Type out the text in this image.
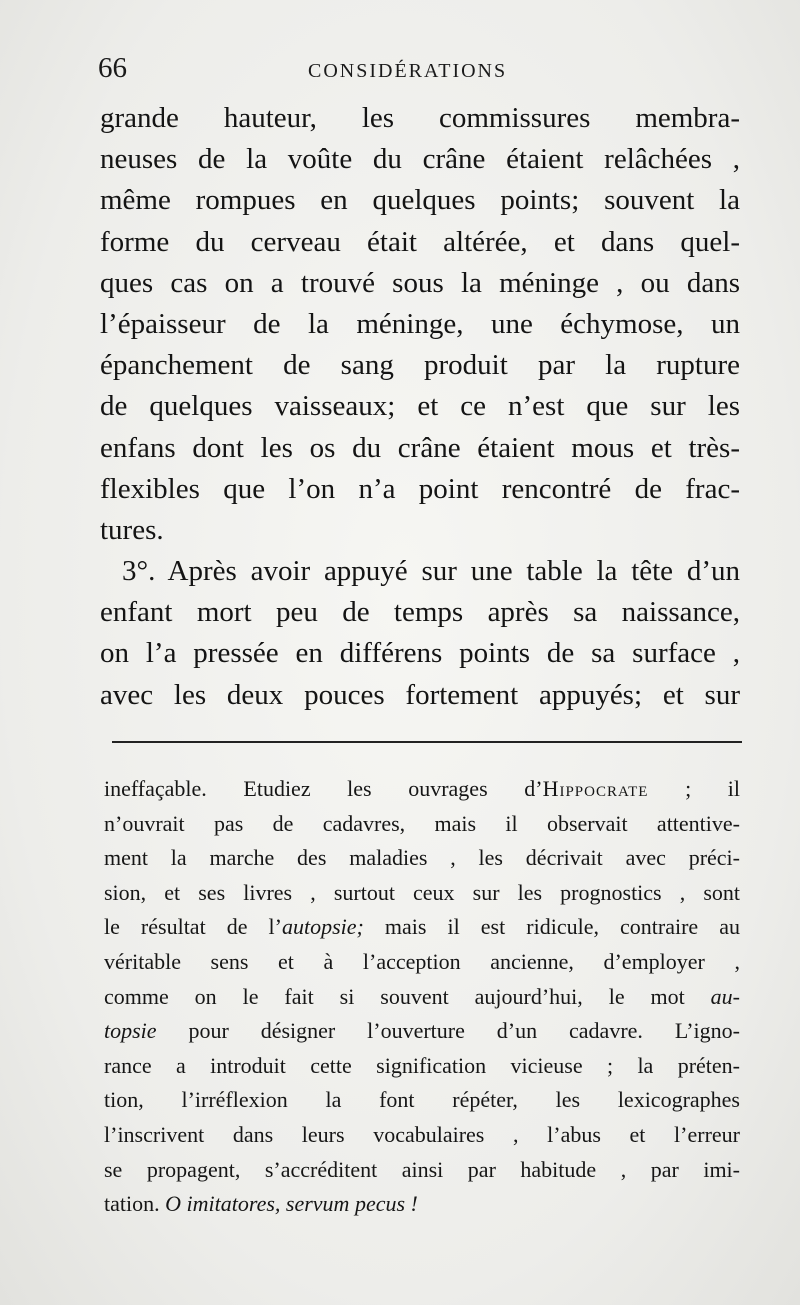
66	CONSIDÉRATIONS
grande hauteur, les commissures membra-
neuses de la voûte du crâne étaient relâchées ,
même rompues en quelques points; souvent la
forme du cerveau était altérée, et dans quel-
ques cas on a trouvé sous la méninge , ou dans
l’épaisseur de la méninge, une échymose, un
épanchement de sang produit par la rupture
de quelques vaisseaux; et ce n’est que sur les
enfans dont les os du crâne étaient mous et très-
flexibles que l’on n’a point rencontré de frac-
tures.
3°. Après avoir appuyé sur une table la tête d’un
enfant mort peu de temps après sa naissance,
on l’a pressée en différens points de sa surface ,
avec les deux pouces fortement appuyés; et sur
ineffaçable. Etudiez les ouvrages d’Hippocrate ; il
n’ouvrait pas de cadavres, mais il observait attentive-
ment la marche des maladies , les décrivait avec préci-
sion, et ses livres , surtout ceux sur les prognostics , sont
le résultat de l’autopsie; mais il est ridicule, contraire au
véritable sens et à l’acception ancienne, d’employer ,
comme on le fait si souvent aujourd’hui, le mot au-
topsie pour désigner l’ouverture d’un cadavre. L’igno-
rance a introduit cette signification vicieuse ; la préten-
tion, l’irréflexion la font répéter, les lexicographes
l’inscrivent dans leurs vocabulaires , l’abus et l’erreur
se propagent, s’accréditent ainsi par habitude , par imi-
tation. O imitatores, servum pecus !
